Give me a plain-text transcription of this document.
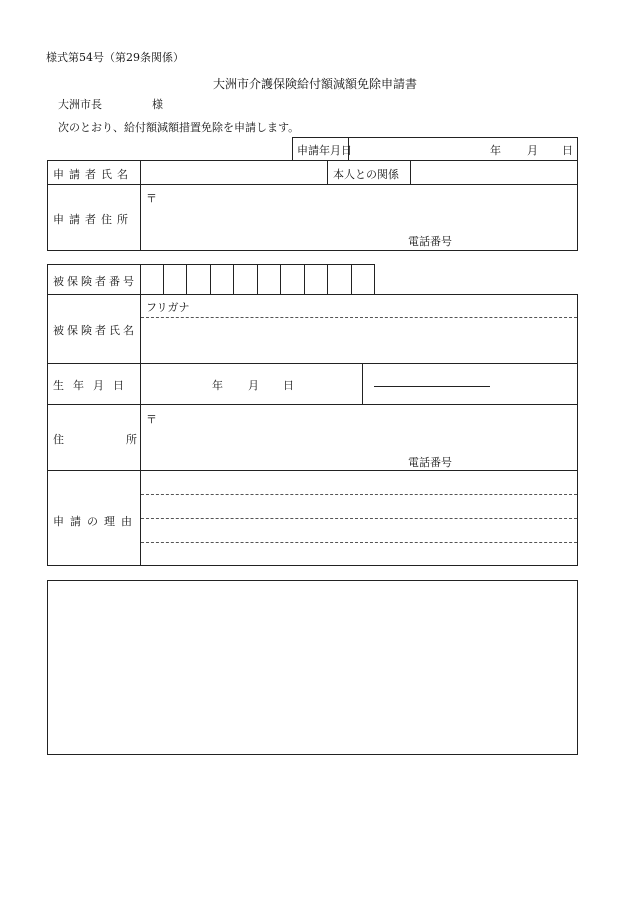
様式第54号（第29条関係）
大洲市介護保険給付額減額免除申請書
大洲市長	様
次のとおり、給付額減額措置免除を申請します。
申請年月日	年 月 日
申請者氏名	本人との関係
申請者住所
〒
電話番号
被保険者番号
フリガナ
被保険者氏名
生年月日	年 月 日
住所
〒
電話番号
申請の理由
